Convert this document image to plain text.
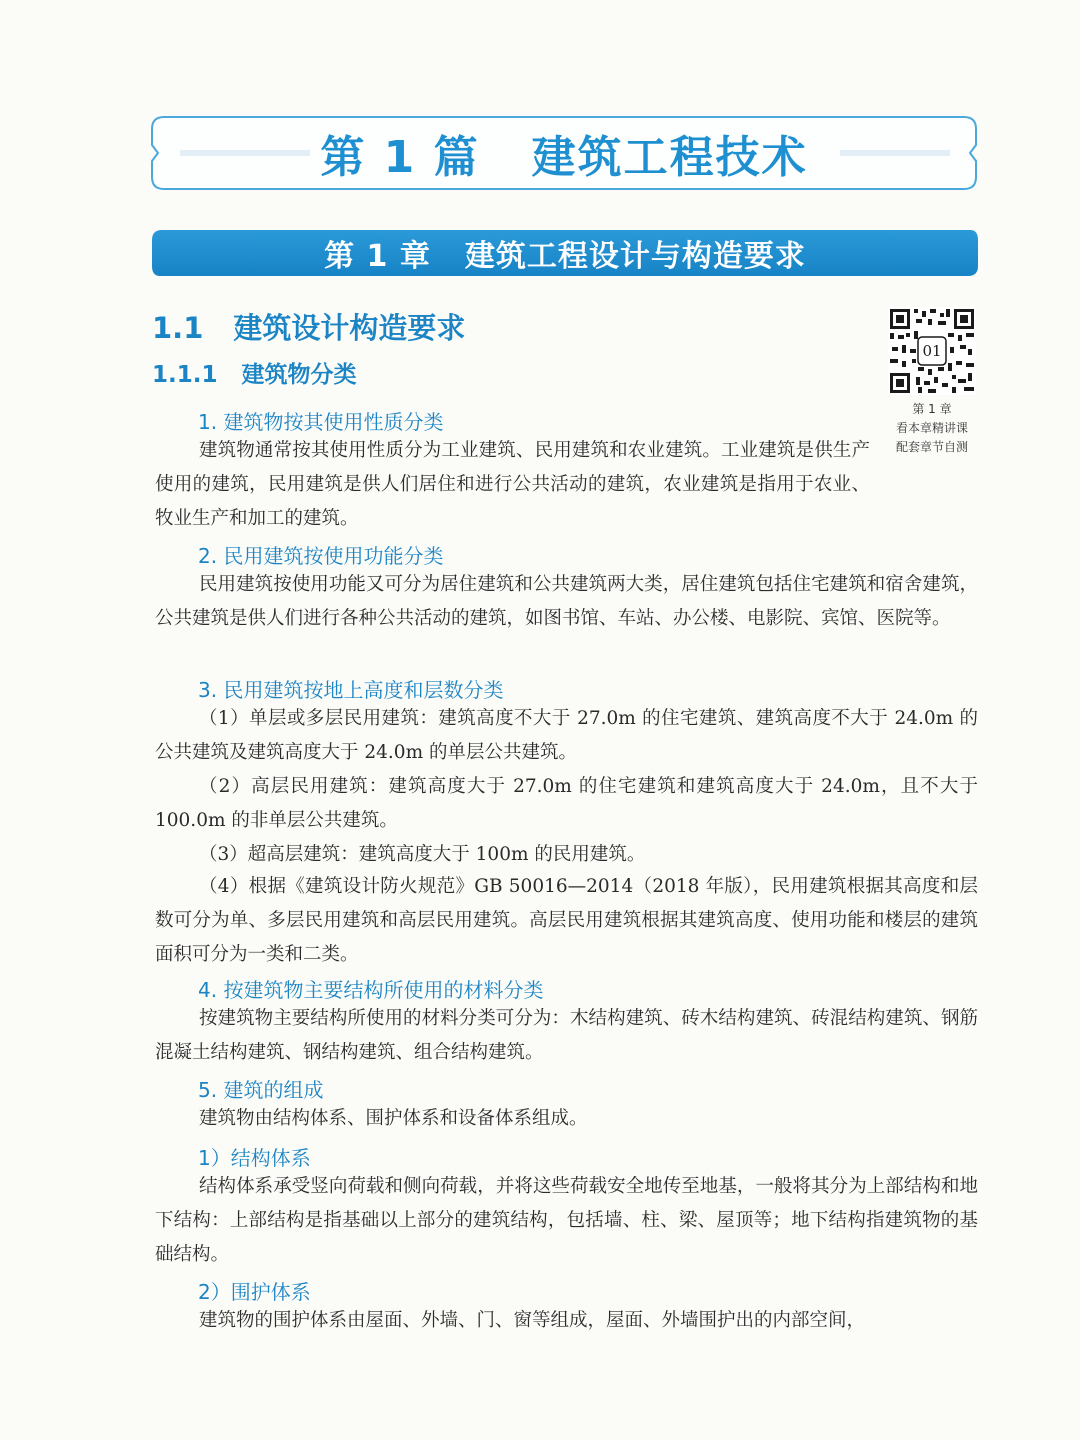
第 1 篇 建筑工程技术
第 1 章 建筑工程设计与构造要求
1.1 建筑设计构造要求
1.1.1 建筑物分类
01
第 1 章
看本章精讲课
配套章节自测
1. 建筑物按其使用性质分类

建筑物通常按其使用性质分为工业建筑、民用建筑和农业建筑。工业建筑是供生产使用的建筑，民用建筑是供人们居住和进行公共活动的建筑，农业建筑是指用于农业、牧业生产和加工的建筑。

2. 民用建筑按使用功能分类

民用建筑按使用功能又可分为居住建筑和公共建筑两大类，居住建筑包括住宅建筑和宿舍建筑，公共建筑是供人们进行各种公共活动的建筑，如图书馆、车站、办公楼、电影院、宾馆、医院等。

3. 民用建筑按地上高度和层数分类

（1）单层或多层民用建筑：建筑高度不大于 27.0m 的住宅建筑、建筑高度不大于 24.0m 的公共建筑及建筑高度大于 24.0m 的单层公共建筑。

（2）高层民用建筑：建筑高度大于 27.0m 的住宅建筑和建筑高度大于 24.0m，且不大于 100.0m 的非单层公共建筑。

（3）超高层建筑：建筑高度大于 100m 的民用建筑。

（4）根据《建筑设计防火规范》GB 50016—2014（2018 年版），民用建筑根据其高度和层数可分为单、多层民用建筑和高层民用建筑。高层民用建筑根据其建筑高度、使用功能和楼层的建筑面积可分为一类和二类。

4. 按建筑物主要结构所使用的材料分类

按建筑物主要结构所使用的材料分类可分为：木结构建筑、砖木结构建筑、砖混结构建筑、钢筋混凝土结构建筑、钢结构建筑、组合结构建筑。

5. 建筑的组成

建筑物由结构体系、围护体系和设备体系组成。

1）结构体系

结构体系承受竖向荷载和侧向荷载，并将这些荷载安全地传至地基，一般将其分为上部结构和地下结构：上部结构是指基础以上部分的建筑结构，包括墙、柱、梁、屋顶等；地下结构指建筑物的基础结构。

2）围护体系

建筑物的围护体系由屋面、外墙、门、窗等组成，屋面、外墙围护出的内部空间，
